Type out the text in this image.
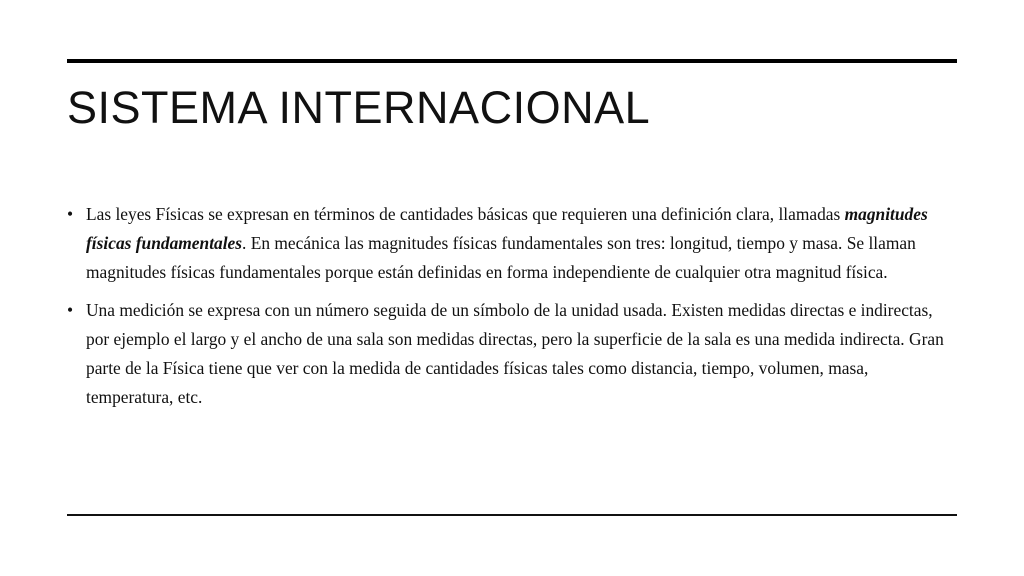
SISTEMA INTERNACIONAL
• Las leyes Físicas se expresan en términos de cantidades básicas que requieren una definición clara, llamadas magnitudes físicas fundamentales. En mecánica las magnitudes físicas fundamentales son tres: longitud, tiempo y masa. Se llaman magnitudes físicas fundamentales porque están definidas en forma independiente de cualquier otra magnitud física.
• Una medición se expresa con un número seguida de un símbolo de la unidad usada. Existen medidas directas e indirectas, por ejemplo el largo y el ancho de una sala son medidas directas, pero la superficie de la sala es una medida indirecta. Gran parte de la Física tiene que ver con la medida de cantidades físicas tales como distancia, tiempo, volumen, masa, temperatura, etc.
